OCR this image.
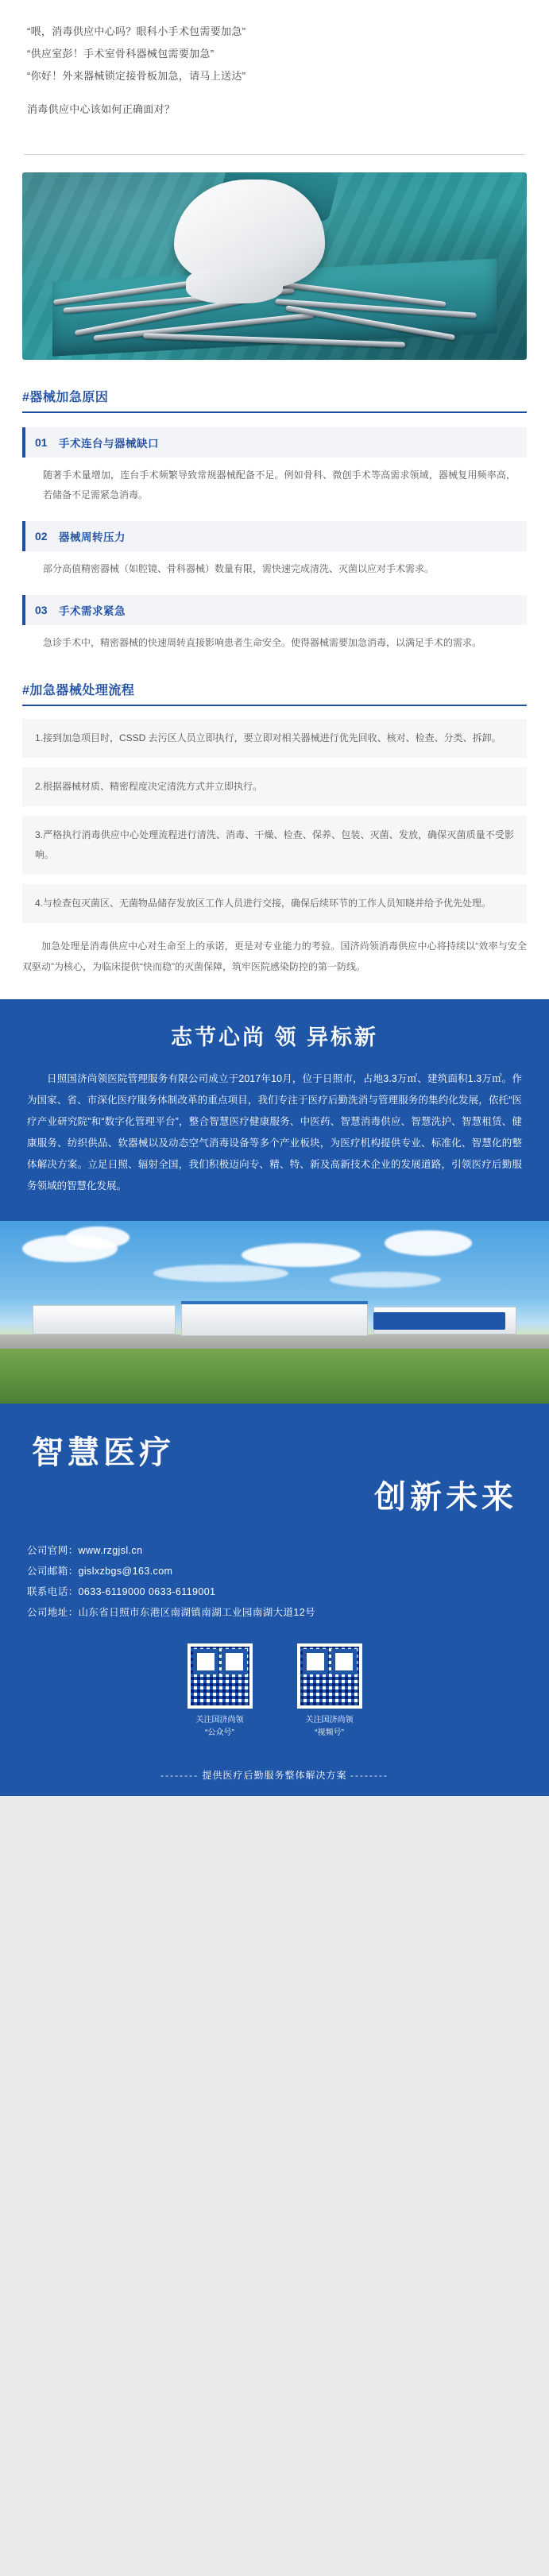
“喂，消毒供应中心吗？眼科小手术包需要加急”

“供应室彭！手术室骨科器械包需要加急”

“你好！外来器械锁定接骨板加急，请马上送达”

消毒供应中心该如何正确面对？

#器械加急原因
01	手术连台与器械缺口
随著手术量增加，连台手术频繁导致常规器械配备不足。例如骨科、微创手术等高需求领域，器械复用频率高，若储备不足需紧急消毒。
02	器械周转压力
部分高值精密器械（如腔镜、骨科器械）数量有限，需快速完成清洗、灭菌以应对手术需求。
03	手术需求紧急
急诊手术中，精密器械的快速周转直接影响患者生命安全。使得器械需要加急消毒，以满足手术的需求。
#加急器械处理流程
1.接到加急项目时，CSSD 去污区人员立即执行，要立即对相关器械进行优先回收、核对、检查、分类、拆卸。
2.根据器械材质、精密程度决定清洗方式并立即执行。
3.严格执行消毒供应中心处理流程进行清洗、消毒、干燥、检查、保养、包装、灭菌、发放，确保灭菌质量不受影响。
4.与检查包灭菌区、无菌物品储存发放区工作人员进行交接，确保后续环节的工作人员知晓并给予优先处理。
加急处理是消毒供应中心对生命至上的承诺，更是对专业能力的考验。国济尚领消毒供应中心将持续以“效率与安全双驱动”为核心，为临床提供“快而稳”的灭菌保障，筑牢医院感染防控的第一防线。
志节心尚 领 异标新
日照国济尚领医院管理服务有限公司成立于2017年10月，位于日照市，占地3.3万㎡、建筑面积1.3万㎡。作为国家、省、市深化医疗服务体制改革的重点项目，我们专注于医疗后勤洗消与管理服务的集约化发展，依托“医疗产业研究院”和“数字化管理平台”，整合智慧医疗健康服务、中医药、智慧消毒供应、智慧洗护、智慧租赁、健康服务、纺织供品、软器械以及动态空气消毒设备等多个产业板块，为医疗机构提供专业、标准化、智慧化的整体解决方案。立足日照、辐射全国，我们积极迈向专、精、特、新及高新技术企业的发展道路，引领医疗后勤服务领域的智慧化发展。
智慧医疗
创新未来
公司官网：www.rzgjsl.cn
公司邮箱：gislxzbgs@163.com
联系电话：0633-6119000 0633-6119001
公司地址：山东省日照市东港区南湖镇南湖工业园南湖大道12号
关注国济尚领
“公众号”
关注国济尚领
“视频号”
-------- 提供医疗后勤服务整体解决方案 --------
